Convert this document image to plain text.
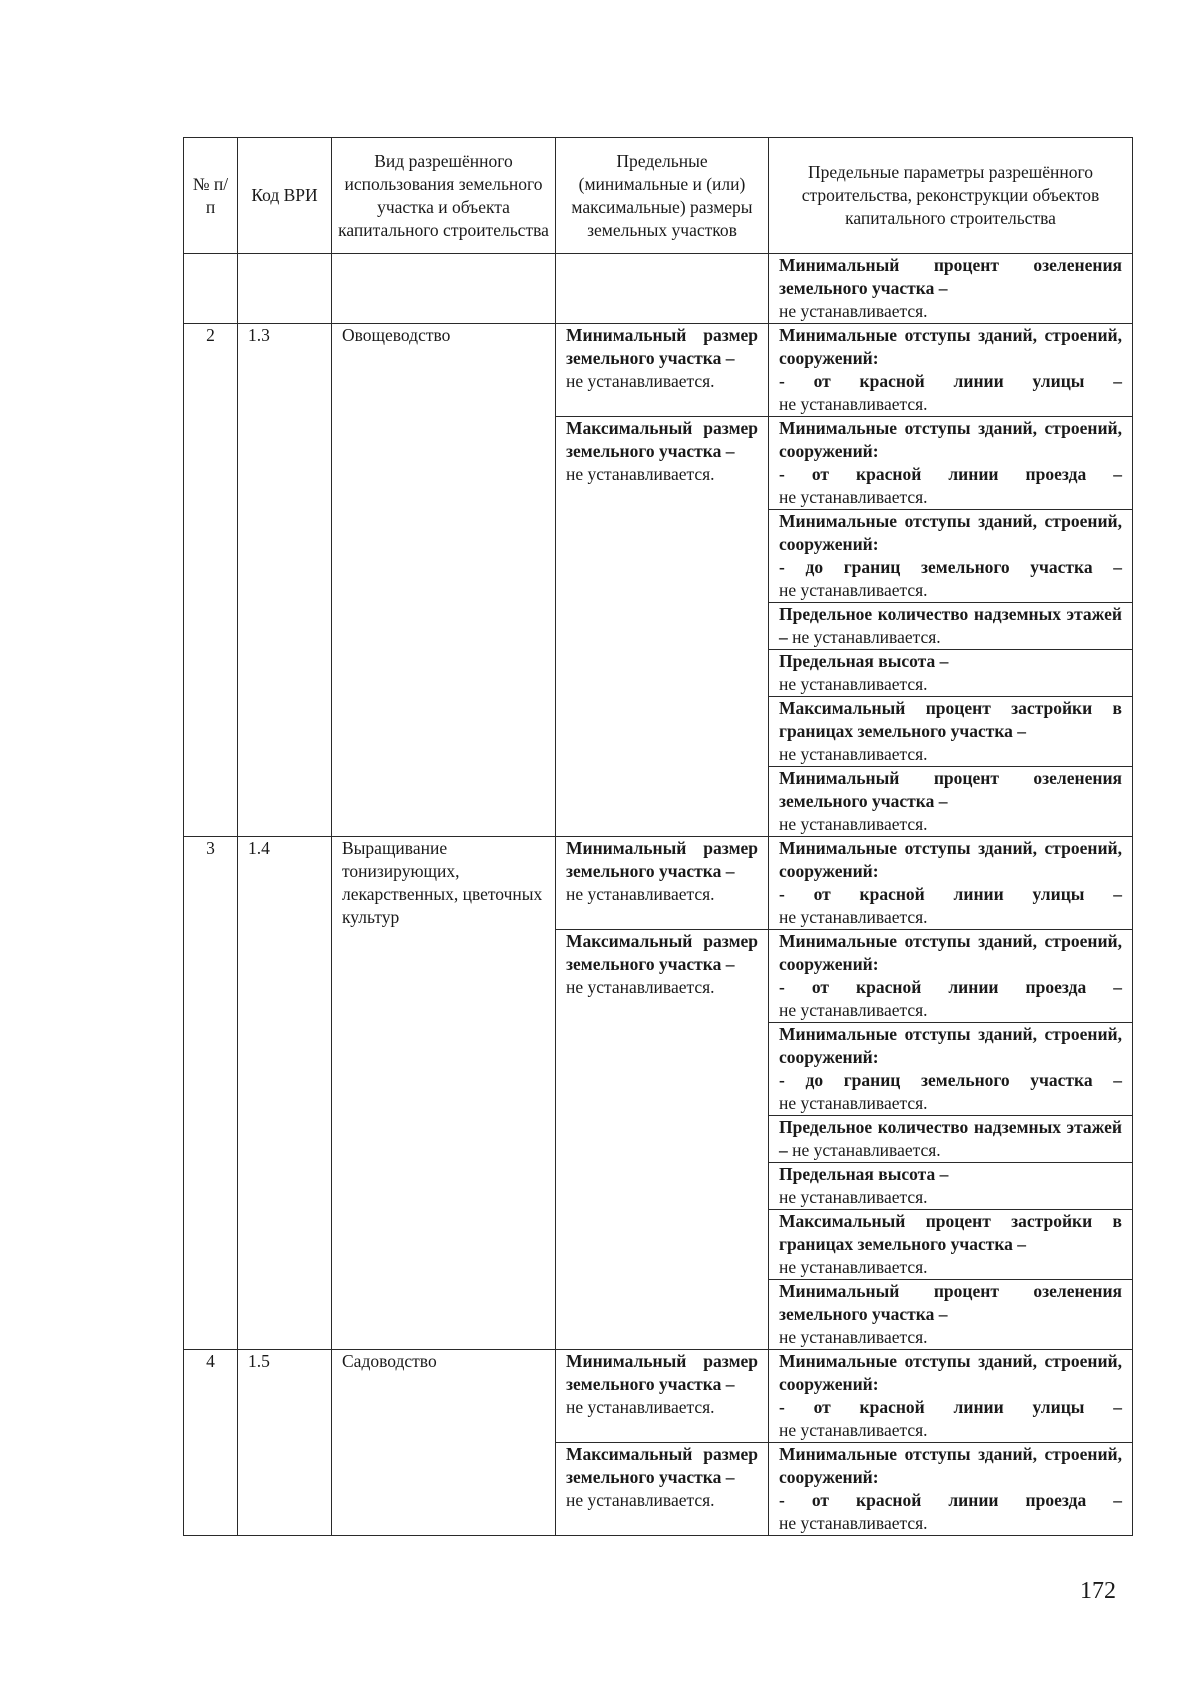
№ п/п	Код ВРИ	Вид разрешённого использования земельного участка и объекта капитального строительства	Предельные (минимальные и (или) максимальные) размеры земельных участков	Предельные параметры разрешённого строительства, реконструкции объектов капитального строительства
				Минимальный процент озеленения земельного участка –
не устанавливается.

2	1.3	Овощеводство	Минимальный размер земельного участка –
не устанавливается.	Минимальные отступы зданий, строений, сооружений:
- от красной линии улицы –
не устанавливается.

			Максимальный размер земельного участка –
не устанавливается.	Минимальные отступы зданий, строений, сооружений:
- от красной линии проезда –
не устанавливается.

				Минимальные отступы зданий, строений, сооружений:
- до границ земельного участка –
не устанавливается.

				Предельное количество надземных этажей – не устанавливается.
				Предельная высота –
не устанавливается.

				Максимальный процент застройки в границах земельного участка –
не устанавливается.

				Минимальный процент озеленения земельного участка –
не устанавливается.

3	1.4	Выращивание тонизирующих, лекарственных, цветочных культур	Минимальный размер земельного участка –
не устанавливается.	Минимальные отступы зданий, строений, сооружений:
- от красной линии улицы –
не устанавливается.

			Максимальный размер земельного участка –
не устанавливается.	Минимальные отступы зданий, строений, сооружений:
- от красной линии проезда –
не устанавливается.

				Минимальные отступы зданий, строений, сооружений:
- до границ земельного участка –
не устанавливается.

				Предельное количество надземных этажей – не устанавливается.
				Предельная высота –
не устанавливается.

				Максимальный процент застройки в границах земельного участка –
не устанавливается.

				Минимальный процент озеленения земельного участка –
не устанавливается.

4	1.5	Садоводство	Минимальный размер земельного участка –
не устанавливается.	Минимальные отступы зданий, строений, сооружений:
- от красной линии улицы –
не устанавливается.

			Максимальный размер земельного участка –
не устанавливается.	Минимальные отступы зданий, строений, сооружений:
- от красной линии проезда –
не устанавливается.
172
